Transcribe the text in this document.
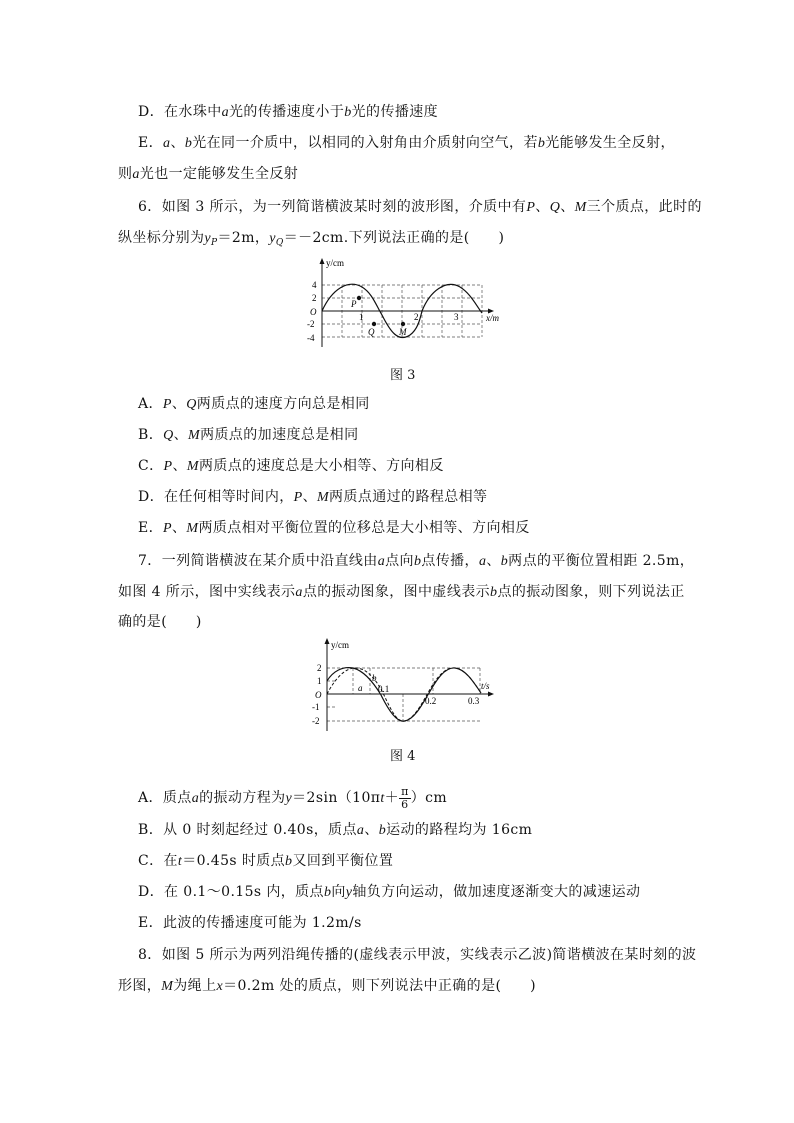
D．在水珠中a光的传播速度小于b光的传播速度
E．a、b光在同一介质中，以相同的入射角由介质射向空气，若b光能够发生全反射，
则a光也一定能够发生全反射
6．如图 3 所示，为一列简谐横波某时刻的波形图，介质中有P、Q、M三个质点，此时的
纵坐标分别为$y_P=2m$，$y_Q=-2cm$.下列说法正确的是(　　)
y/cm
x/m
O
4
2
-2
-4
1	2	3
P
Q	M
图 3
A．P、Q两质点的速度方向总是相同
B．Q、M两质点的加速度总是相同
C．P、M两质点的速度总是大小相等、方向相反
D．在任何相等时间内，P、M两质点通过的路程总相等
E．P、M两质点相对平衡位置的位移总是大小相等、方向相反
7．一列简谐横波在某介质中沿直线由a点向b点传播，a、b两点的平衡位置相距 2.5m，
如图 4 所示，图中实线表示a点的振动图象，图中虚线表示b点的振动图象，则下列说法正
确的是(　　)
y/cm
t/s
O
2
1
-1
-2
0.1
0.2	0.3
a
b
图 4
A．质点a的振动方程为$y=2\sin(10\pi t+ \frac{\pi}{6} )cm$
B．从 0 时刻起经过 0.40s，质点a、b运动的路程均为 16cm
C．在t＝0.45s 时质点b又回到平衡位置
D．在 0.1～0.15s 内，质点b向y轴负方向运动，做加速度逐渐变大的减速运动
E．此波的传播速度可能为 1.2m/s
8．如图 5 所示为两列沿绳传播的(虚线表示甲波，实线表示乙波)简谐横波在某时刻的波
形图，M为绳上x＝0.2m 处的质点，则下列说法中正确的是(　　)
